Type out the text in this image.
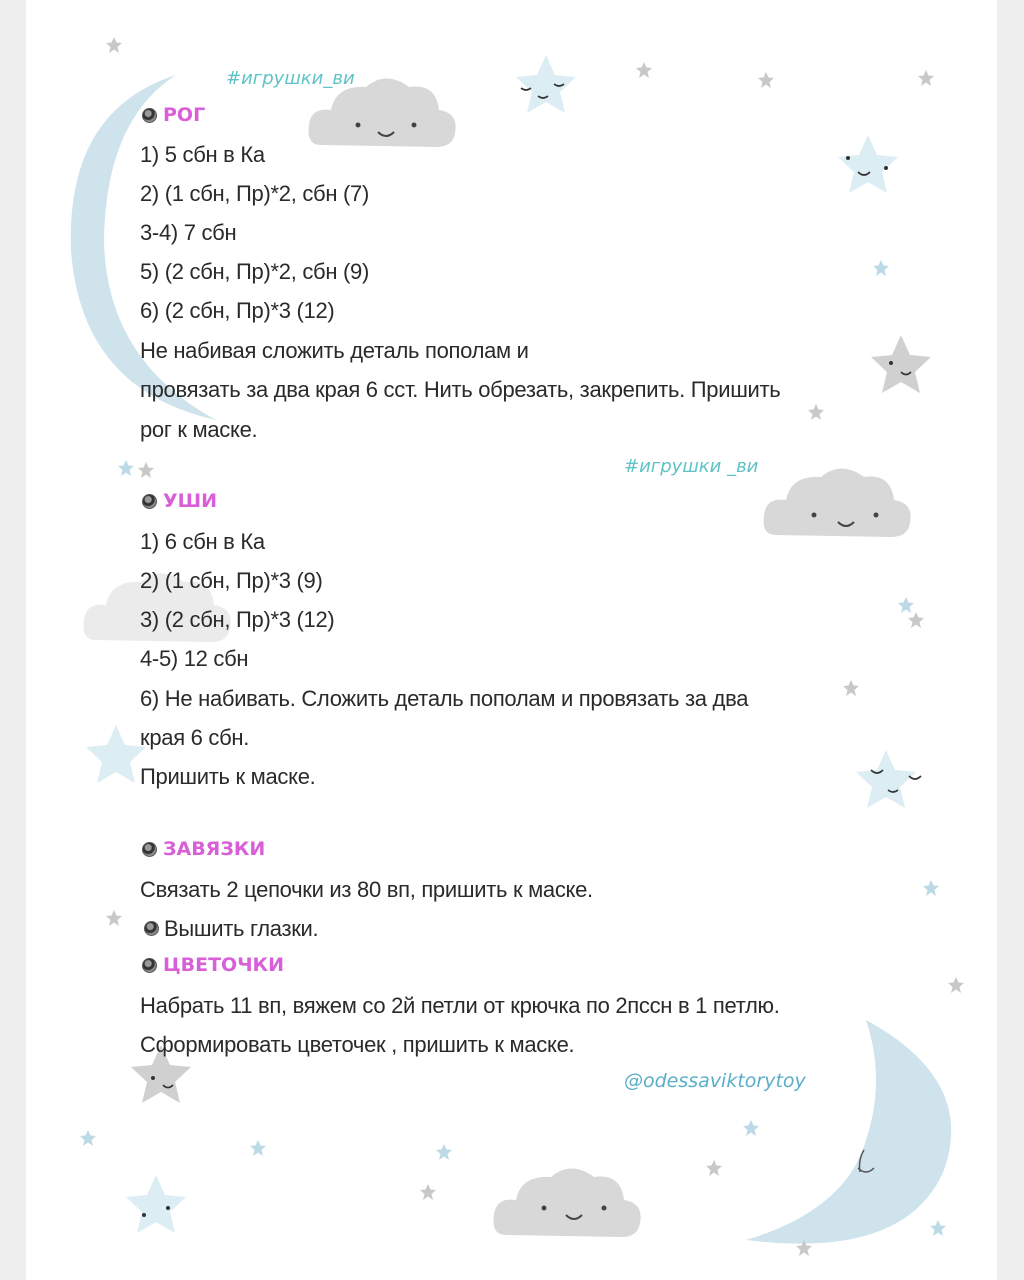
#игрушки_ви
#игрушки _ви
РОГ
1) 5 сбн в Ка
2) (1 сбн, Пр)*2, сбн (7)
3-4) 7 сбн
5) (2 сбн, Пр)*2, сбн (9)
6) (2 сбн, Пр)*3 (12)
Не набивая сложить деталь пополам и
провязать за два края 6 сст. Нить обрезать, закрепить. Пришить
рог к маске.
УШИ
1) 6 сбн в Ка
2) (1 сбн, Пр)*3 (9)
3) (2 сбн, Пр)*3 (12)
4-5) 12 сбн
6) Не набивать. Сложить деталь пополам и провязать за два
края 6 сбн.
Пришить к маске.
ЗАВЯЗКИ
Связать 2 цепочки из 80 вп, пришить к маске.
Вышить глазки.
ЦВЕТОЧКИ
Набрать 11 вп, вяжем со 2й петли от крючка по 2пссн в 1 петлю.
Сформировать цветочек , пришить к маске.
@odessaviktorytoy
